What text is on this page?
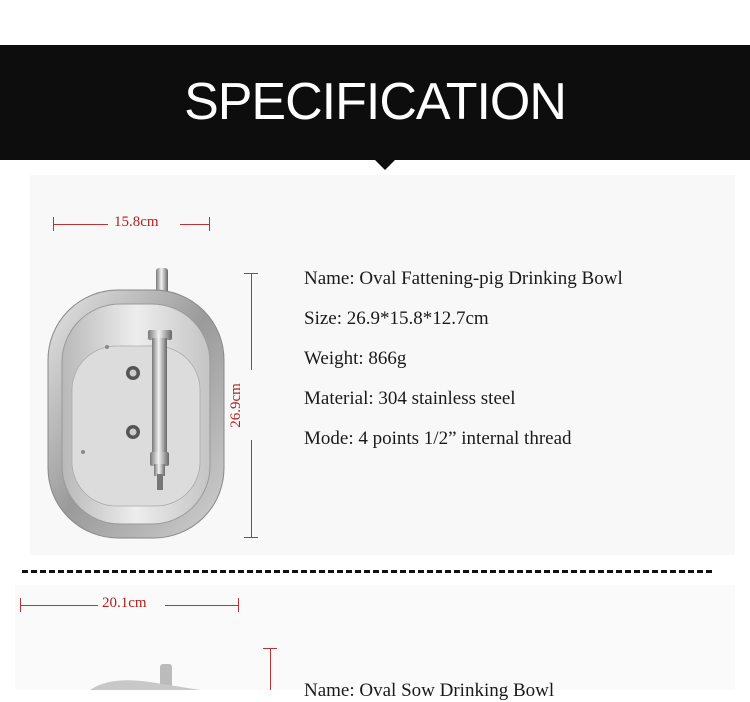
SPECIFICATION
15.8cm
26.9cm
Name: Oval Fattening-pig Drinking Bowl
Size: 26.9*15.8*12.7cm
Weight: 866g
Material: 304 stainless steel
Mode: 4 points 1/2” internal thread
20.1cm
Name: Oval Sow Drinking Bowl
